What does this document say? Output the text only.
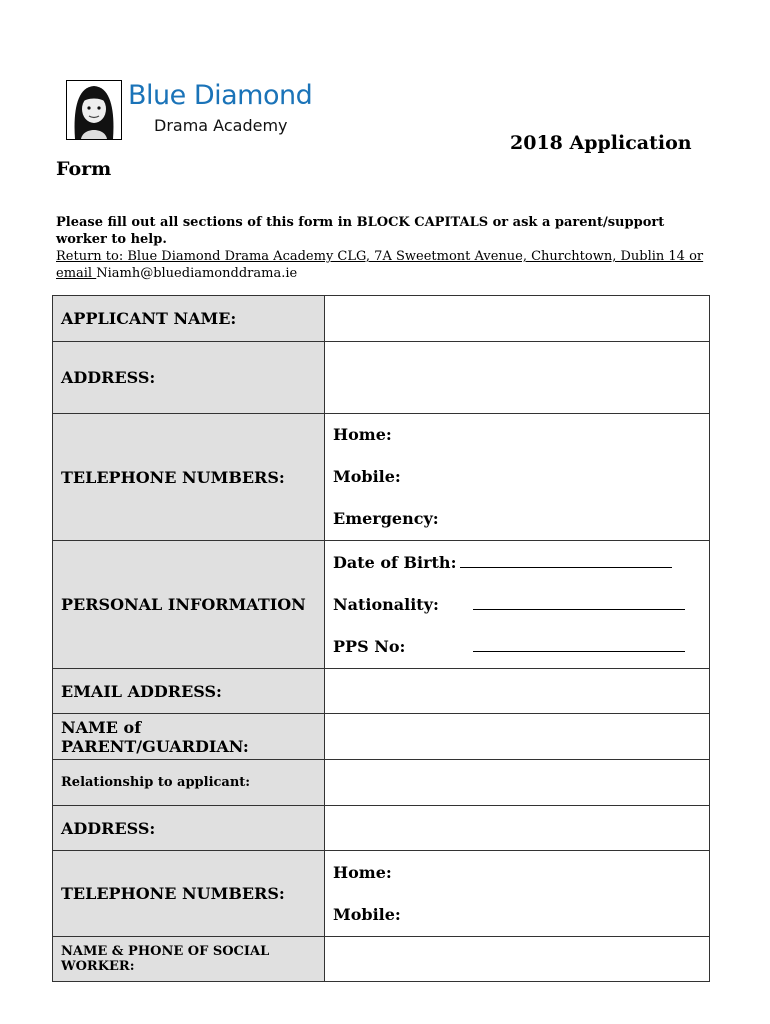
Blue Diamond
Drama Academy
2018 Application
Form
Please fill out all sections of this form in BLOCK CAPITALS or ask a parent/support worker to help.
Return to: Blue Diamond Drama Academy CLG, 7A Sweetmont Avenue, Churchtown, Dublin 14 or email Niamh@bluediamonddrama.ie
APPLICANT NAME:	
ADDRESS:	
TELEPHONE NUMBERS:	Home:
Mobile:
Emergency:

PERSONAL INFORMATION	Date of Birth:
Nationality:
PPS No:

EMAIL ADDRESS:	
NAME of PARENT/GUARDIAN:	
Relationship to applicant:	
ADDRESS:	
TELEPHONE NUMBERS:	Home:
Mobile:

NAME & PHONE OF SOCIAL WORKER:	
